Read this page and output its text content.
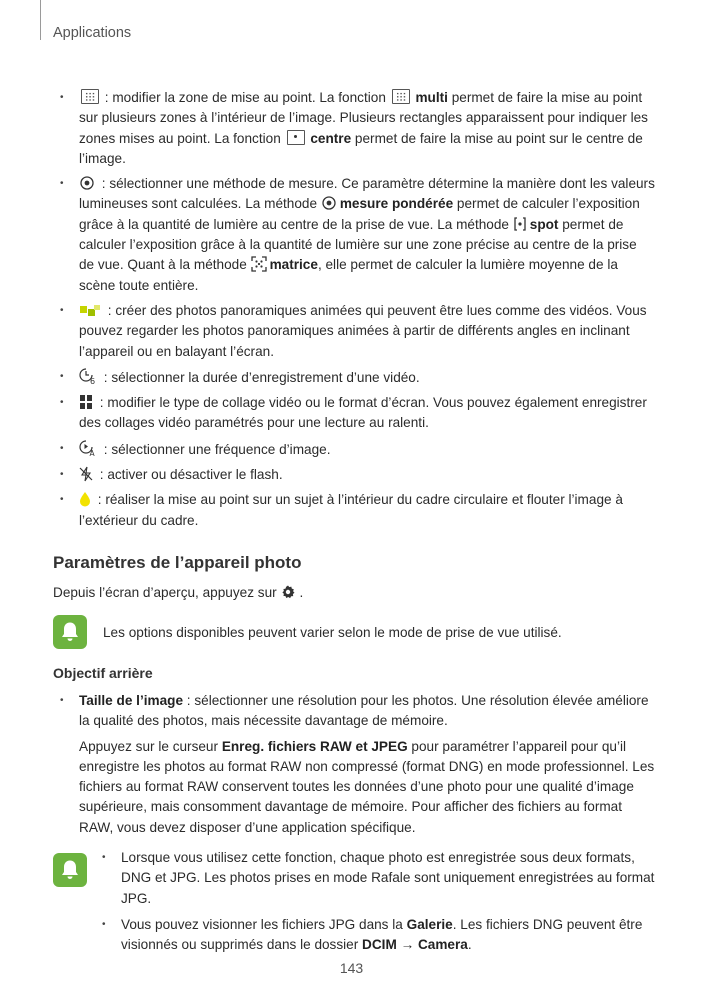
Applications
• : modifier la zone de mise au point. La fonction  multi permet de faire la mise au point sur plusieurs zones à l’intérieur de l’image. Plusieurs rectangles apparaissent pour indiquer les zones mises au point. La fonction  centre permet de faire la mise au point sur le centre de l’image.
• : sélectionner une méthode de mesure. Ce paramètre détermine la manière dont les valeurs lumineuses sont calculées. La méthode mesure pondérée permet de calculer l’exposition grâce à la quantité de lumière au centre de la prise de vue. La méthode spot permet de calculer l’exposition grâce à la quantité de lumière sur une zone précise au centre de la prise de vue. Quant à la méthode matrice, elle permet de calculer la lumière moyenne de la scène toute entière.
• : créer des photos panoramiques animées qui peuvent être lues comme des vidéos. Vous pouvez regarder les photos panoramiques animées à partir de différents angles en inclinant l’appareil ou en balayant l’écran.
• 6 : sélectionner la durée d’enregistrement d’une vidéo.
• : modifier le type de collage vidéo ou le format d’écran. Vous pouvez également enregistrer des collages vidéo paramétrés pour une lecture au ralenti.
• A : sélectionner une fréquence d’image.
• : activer ou désactiver le flash.
• : réaliser la mise au point sur un sujet à l’intérieur du cadre circulaire et flouter l’image à l’extérieur du cadre.
Paramètres de l’appareil photo
Depuis l’écran d’aperçu, appuyez sur .
Les options disponibles peuvent varier selon le mode de prise de vue utilisé.
Objectif arrière
• Taille de l’image : sélectionner une résolution pour les photos. Une résolution élevée améliore la qualité des photos, mais nécessite davantage de mémoire.
Appuyez sur le curseur Enreg. fichiers RAW et JPEG pour paramétrer l’appareil pour qu’il enregistre les photos au format RAW non compressé (format DNG) en mode professionnel. Les fichiers au format RAW conservent toutes les données d’une photo pour une qualité d’image supérieure, mais consomment davantage de mémoire. Pour afficher des fichiers au format RAW, vous devez disposer d’une application spécifique.
• Lorsque vous utilisez cette fonction, chaque photo est enregistrée sous deux formats, DNG et JPG. Les photos prises en mode Rafale sont uniquement enregistrées au format JPG.
• Vous pouvez visionner les fichiers JPG dans la Galerie. Les fichiers DNG peuvent être visionnés ou supprimés dans le dossier DCIM → Camera.
143
